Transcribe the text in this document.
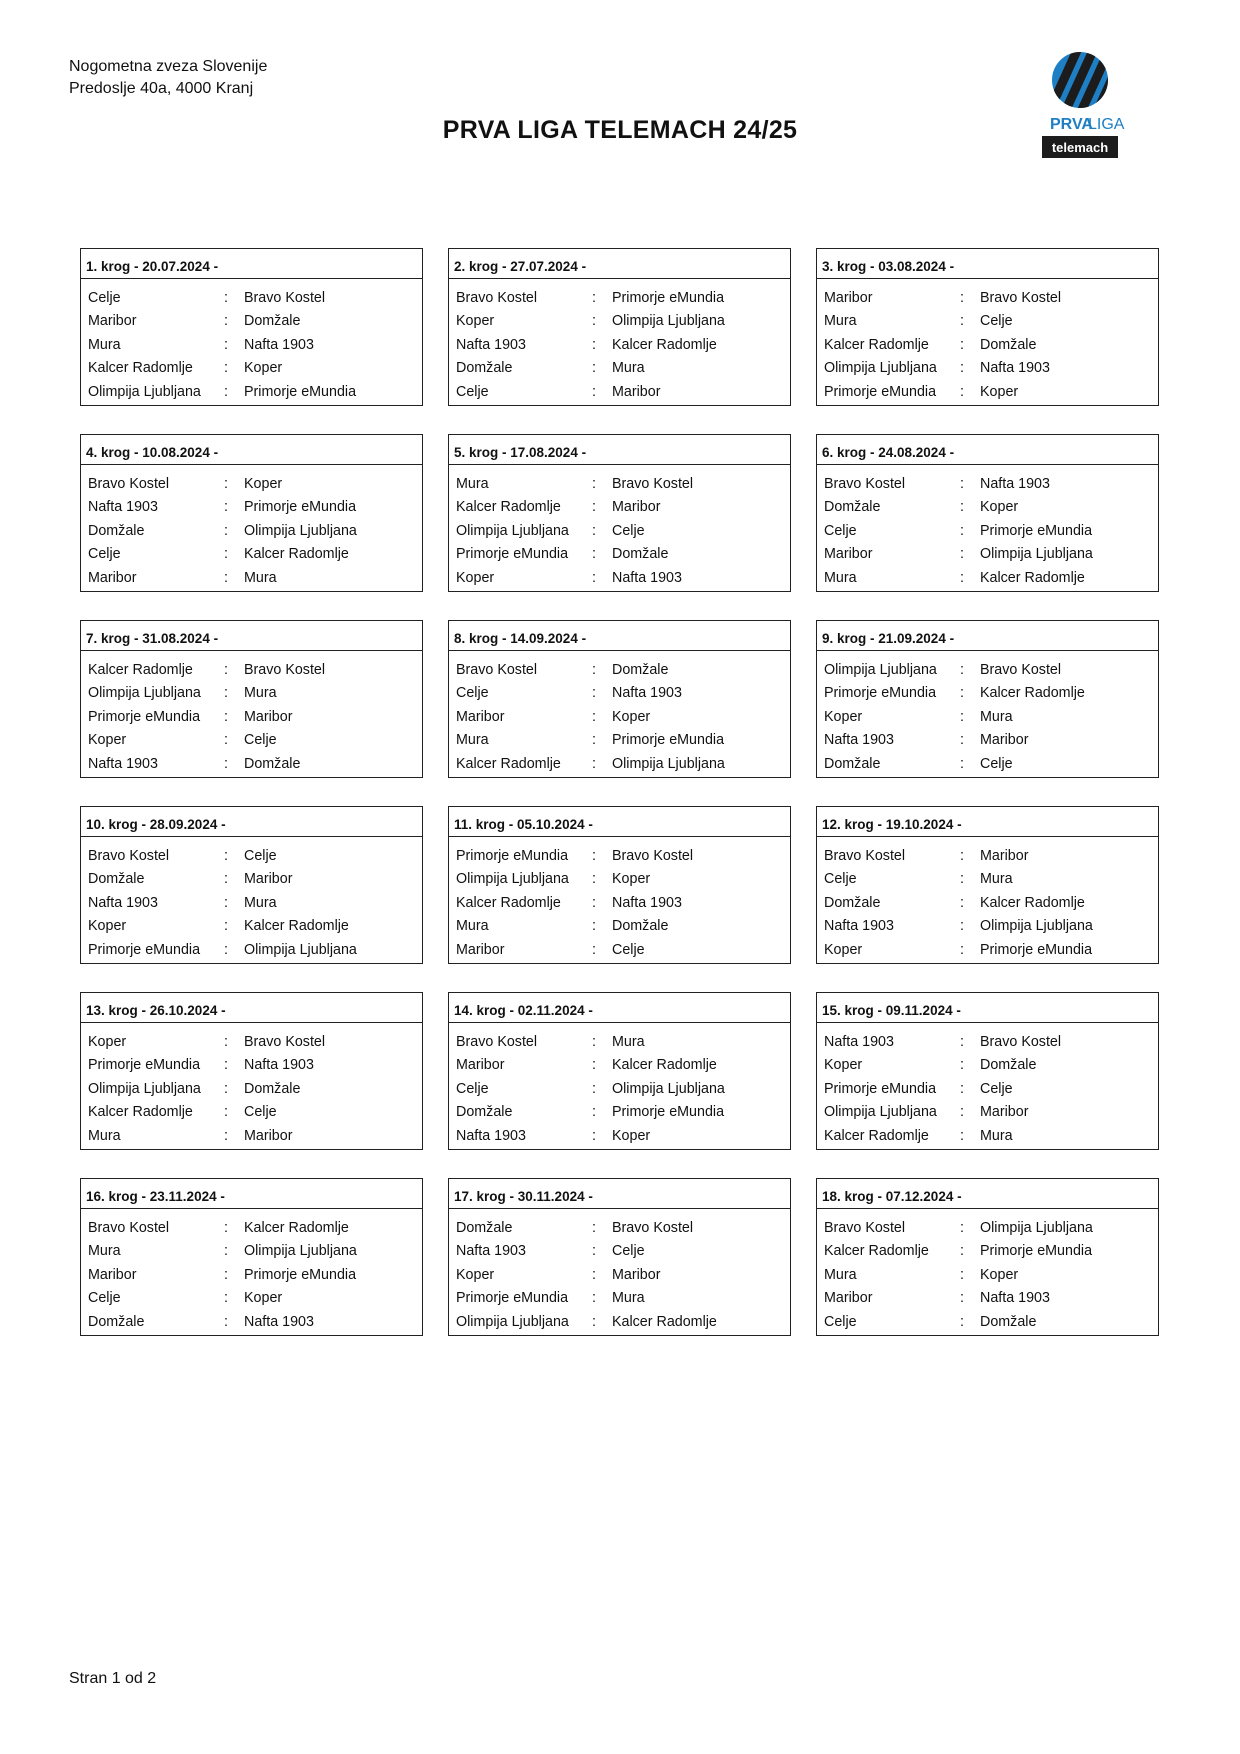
Nogometna zveza Slovenije
Predoslje 40a, 4000 Kranj
PRVA LIGA TELEMACH 24/25	PRVA
LIGA
telemach
1. krog - 20.07.2024 -
Celje	:	Bravo Kostel
Maribor	:	Domžale
Mura	:	Nafta 1903
Kalcer Radomlje	:	Koper
Olimpija Ljubljana	:	Primorje eMundia
2. krog - 27.07.2024 -
Bravo Kostel	:	Primorje eMundia
Koper	:	Olimpija Ljubljana
Nafta 1903	:	Kalcer Radomlje
Domžale	:	Mura
Celje	:	Maribor
3. krog - 03.08.2024 -
Maribor	:	Bravo Kostel
Mura	:	Celje
Kalcer Radomlje	:	Domžale
Olimpija Ljubljana	:	Nafta 1903
Primorje eMundia	:	Koper
4. krog - 10.08.2024 -
Bravo Kostel	:	Koper
Nafta 1903	:	Primorje eMundia
Domžale	:	Olimpija Ljubljana
Celje	:	Kalcer Radomlje
Maribor	:	Mura
5. krog - 17.08.2024 -
Mura	:	Bravo Kostel
Kalcer Radomlje	:	Maribor
Olimpija Ljubljana	:	Celje
Primorje eMundia	:	Domžale
Koper	:	Nafta 1903
6. krog - 24.08.2024 -
Bravo Kostel	:	Nafta 1903
Domžale	:	Koper
Celje	:	Primorje eMundia
Maribor	:	Olimpija Ljubljana
Mura	:	Kalcer Radomlje
7. krog - 31.08.2024 -
Kalcer Radomlje	:	Bravo Kostel
Olimpija Ljubljana	:	Mura
Primorje eMundia	:	Maribor
Koper	:	Celje
Nafta 1903	:	Domžale
8. krog - 14.09.2024 -
Bravo Kostel	:	Domžale
Celje	:	Nafta 1903
Maribor	:	Koper
Mura	:	Primorje eMundia
Kalcer Radomlje	:	Olimpija Ljubljana
9. krog - 21.09.2024 -
Olimpija Ljubljana	:	Bravo Kostel
Primorje eMundia	:	Kalcer Radomlje
Koper	:	Mura
Nafta 1903	:	Maribor
Domžale	:	Celje
10. krog - 28.09.2024 -
Bravo Kostel	:	Celje
Domžale	:	Maribor
Nafta 1903	:	Mura
Koper	:	Kalcer Radomlje
Primorje eMundia	:	Olimpija Ljubljana
11. krog - 05.10.2024 -
Primorje eMundia	:	Bravo Kostel
Olimpija Ljubljana	:	Koper
Kalcer Radomlje	:	Nafta 1903
Mura	:	Domžale
Maribor	:	Celje
12. krog - 19.10.2024 -
Bravo Kostel	:	Maribor
Celje	:	Mura
Domžale	:	Kalcer Radomlje
Nafta 1903	:	Olimpija Ljubljana
Koper	:	Primorje eMundia
13. krog - 26.10.2024 -
Koper	:	Bravo Kostel
Primorje eMundia	:	Nafta 1903
Olimpija Ljubljana	:	Domžale
Kalcer Radomlje	:	Celje
Mura	:	Maribor
14. krog - 02.11.2024 -
Bravo Kostel	:	Mura
Maribor	:	Kalcer Radomlje
Celje	:	Olimpija Ljubljana
Domžale	:	Primorje eMundia
Nafta 1903	:	Koper
15. krog - 09.11.2024 -
Nafta 1903	:	Bravo Kostel
Koper	:	Domžale
Primorje eMundia	:	Celje
Olimpija Ljubljana	:	Maribor
Kalcer Radomlje	:	Mura
16. krog - 23.11.2024 -
Bravo Kostel	:	Kalcer Radomlje
Mura	:	Olimpija Ljubljana
Maribor	:	Primorje eMundia
Celje	:	Koper
Domžale	:	Nafta 1903
17. krog - 30.11.2024 -
Domžale	:	Bravo Kostel
Nafta 1903	:	Celje
Koper	:	Maribor
Primorje eMundia	:	Mura
Olimpija Ljubljana	:	Kalcer Radomlje
18. krog - 07.12.2024 -
Bravo Kostel	:	Olimpija Ljubljana
Kalcer Radomlje	:	Primorje eMundia
Mura	:	Koper
Maribor	:	Nafta 1903
Celje	:	Domžale
Stran 1 od 2
